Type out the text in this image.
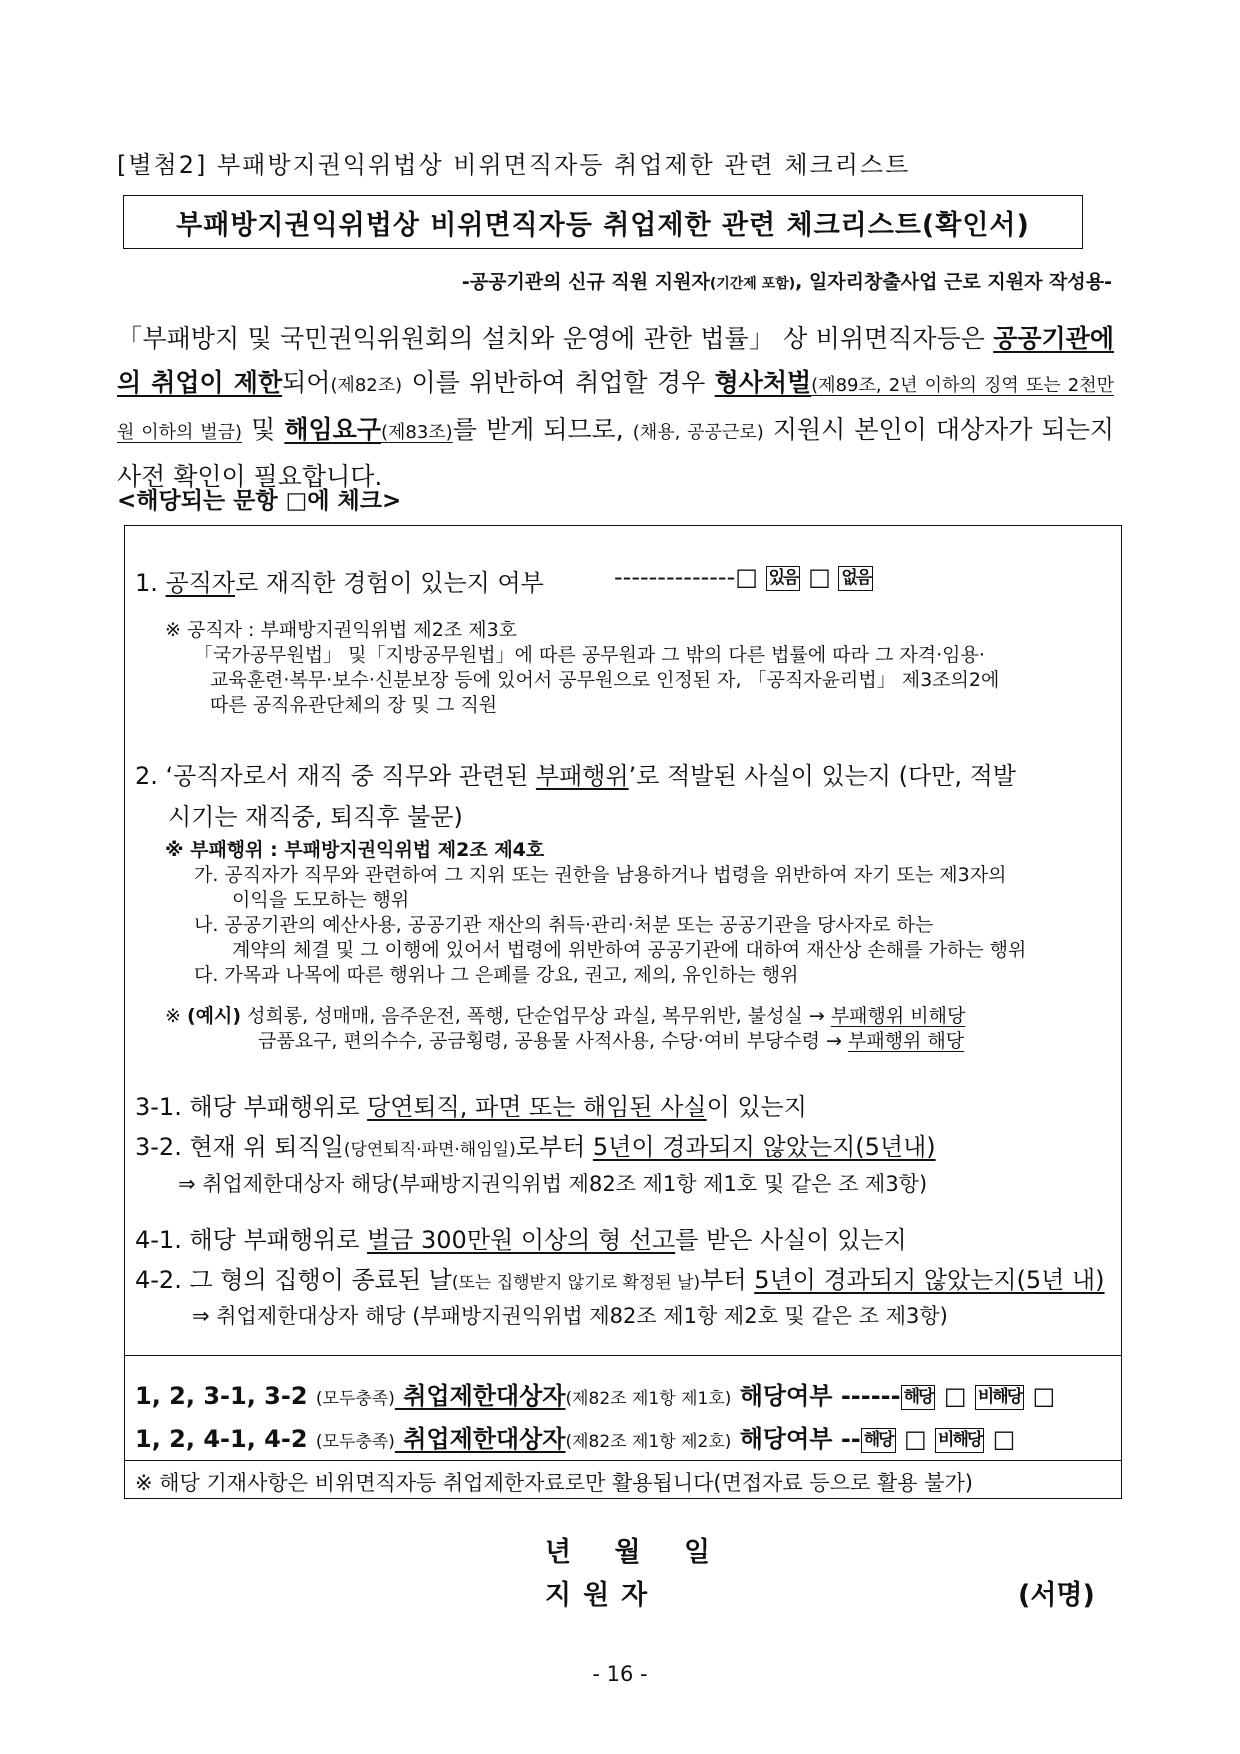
[별첨2] 부패방지권익위법상 비위면직자등 취업제한 관련 체크리스트
부패방지권익위법상 비위면직자등 취업제한 관련 체크리스트(확인서)
-공공기관의 신규 직원 지원자(기간제 포함), 일자리창출사업 근로 지원자 작성용-
「부패방지 및 국민권익위원회의 설치와 운영에 관한 법률」 상 비위면직자등은 공공기관에의 취업이 제한되어(제82조) 이를 위반하여 취업할 경우 형사처벌(제89조, 2년 이하의 징역 또는 2천만원 이하의 벌금) 및 해임요구(제83조)를 받게 되므로, (채용, 공공근로) 지원시 본인이 대상자가 되는지 사전 확인이 필요합니다.
<해당되는 문항 □에 체크>
1. 공직자로 재직한 경험이 있는지 여부	--------------□ 있음 □ 없음
※ 공직자 : 부패방지권익위법 제2조 제3호
「국가공무원법」 및「지방공무원법」에 따른 공무원과 그 밖의 다른 법률에 따라 그 자격·임용·
교육훈련·복무·보수·신분보장 등에 있어서 공무원으로 인정된 자, 「공직자윤리법」 제3조의2에
따른 공직유관단체의 장 및 그 직원
2. ‘공직자로서 재직 중 직무와 관련된 부패행위’로 적발된 사실이 있는지 (다만, 적발
시기는 재직중, 퇴직후 불문)
※ 부패행위 : 부패방지권익위법 제2조 제4호
가. 공직자가 직무와 관련하여 그 지위 또는 권한을 남용하거나 법령을 위반하여 자기 또는 제3자의
이익을 도모하는 행위
나. 공공기관의 예산사용, 공공기관 재산의 취득·관리·처분 또는 공공기관을 당사자로 하는
계약의 체결 및 그 이행에 있어서 법령에 위반하여 공공기관에 대하여 재산상 손해를 가하는 행위
다. 가목과 나목에 따른 행위나 그 은폐를 강요, 권고, 제의, 유인하는 행위
※ (예시) 성희롱, 성매매, 음주운전, 폭행, 단순업무상 과실, 복무위반, 불성실 → 부패행위 비해당
금품요구, 편의수수, 공금횡령, 공용물 사적사용, 수당·여비 부당수령 → 부패행위 해당
3-1. 해당 부패행위로 당연퇴직, 파면 또는 해임된 사실이 있는지
3-2. 현재 위 퇴직일(당연퇴직·파면·해임일)로부터 5년이 경과되지 않았는지(5년내)
⇒ 취업제한대상자 해당(부패방지권익위법 제82조 제1항 제1호 및 같은 조 제3항)
4-1. 해당 부패행위로 벌금 300만원 이상의 형 선고를 받은 사실이 있는지
4-2. 그 형의 집행이 종료된 날(또는 집행받지 않기로 확정된 날)부터 5년이 경과되지 않았는지(5년 내)
⇒ 취업제한대상자 해당 (부패방지권익위법 제82조 제1항 제2호 및 같은 조 제3항)
1, 2, 3-1, 3-2 (모두충족) 취업제한대상자(제82조 제1항 제1호) 해당여부 ------ 해당 □ 비해당 □
1, 2, 4-1, 4-2 (모두충족) 취업제한대상자(제82조 제1항 제2호) 해당여부 -- 해당 □ 비해당 □
※ 해당 기재사항은 비위면직자등 취업제한자료로만 활용됩니다(면접자료 등으로 활용 불가)
년 월 일
지원자	(서명)
- 16 -
